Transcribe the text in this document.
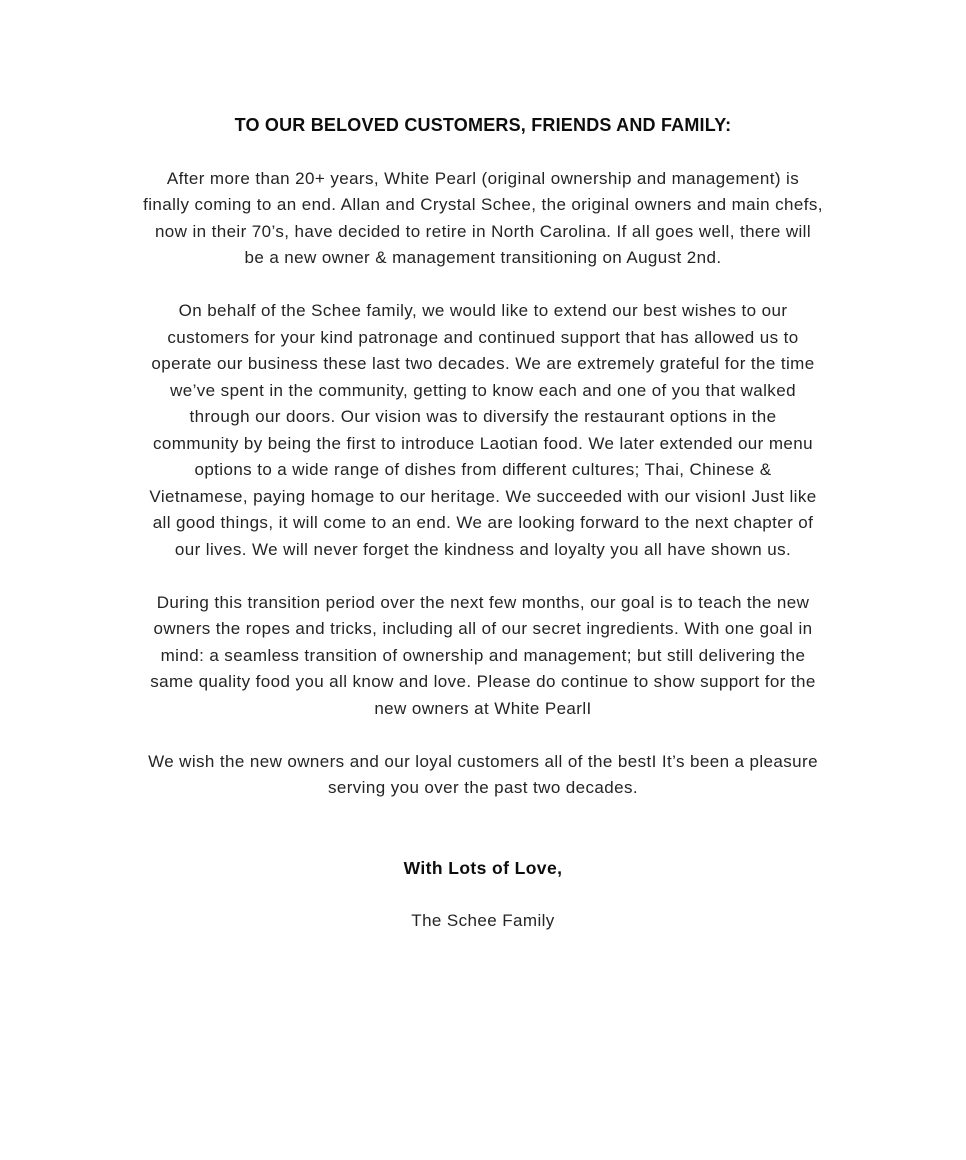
TO OUR BELOVED CUSTOMERS, FRIENDS AND FAMILY:
After more than 20+ years, White Pearl (original ownership and management) is
finally coming to an end. Allan and Crystal Schee, the original owners and main chefs,
now in their 70’s, have decided to retire in North Carolina. If all goes well, there will
be a new owner & management transitioning on August 2nd.
On behalf of the Schee family, we would like to extend our best wishes to our
customers for your kind patronage and continued support that has allowed us to
operate our business these last two decades. We are extremely grateful for the time
we’ve spent in the community, getting to know each and one of you that walked
through our doors. Our vision was to diversify the restaurant options in the
community by being the first to introduce Laotian food. We later extended our menu
options to a wide range of dishes from different cultures; Thai, Chinese &
Vietnamese, paying homage to our heritage. We succeeded with our visionI Just like
all good things, it will come to an end. We are looking forward to the next chapter of
our lives. We will never forget the kindness and loyalty you all have shown us.
During this transition period over the next few months, our goal is to teach the new
owners the ropes and tricks, including all of our secret ingredients. With one goal in
mind: a seamless transition of ownership and management; but still delivering the
same quality food you all know and love. Please do continue to show support for the
new owners at White PearlI
We wish the new owners and our loyal customers all of the bestI It’s been a pleasure
serving you over the past two decades.

With Lots of Love,

The Schee Family
